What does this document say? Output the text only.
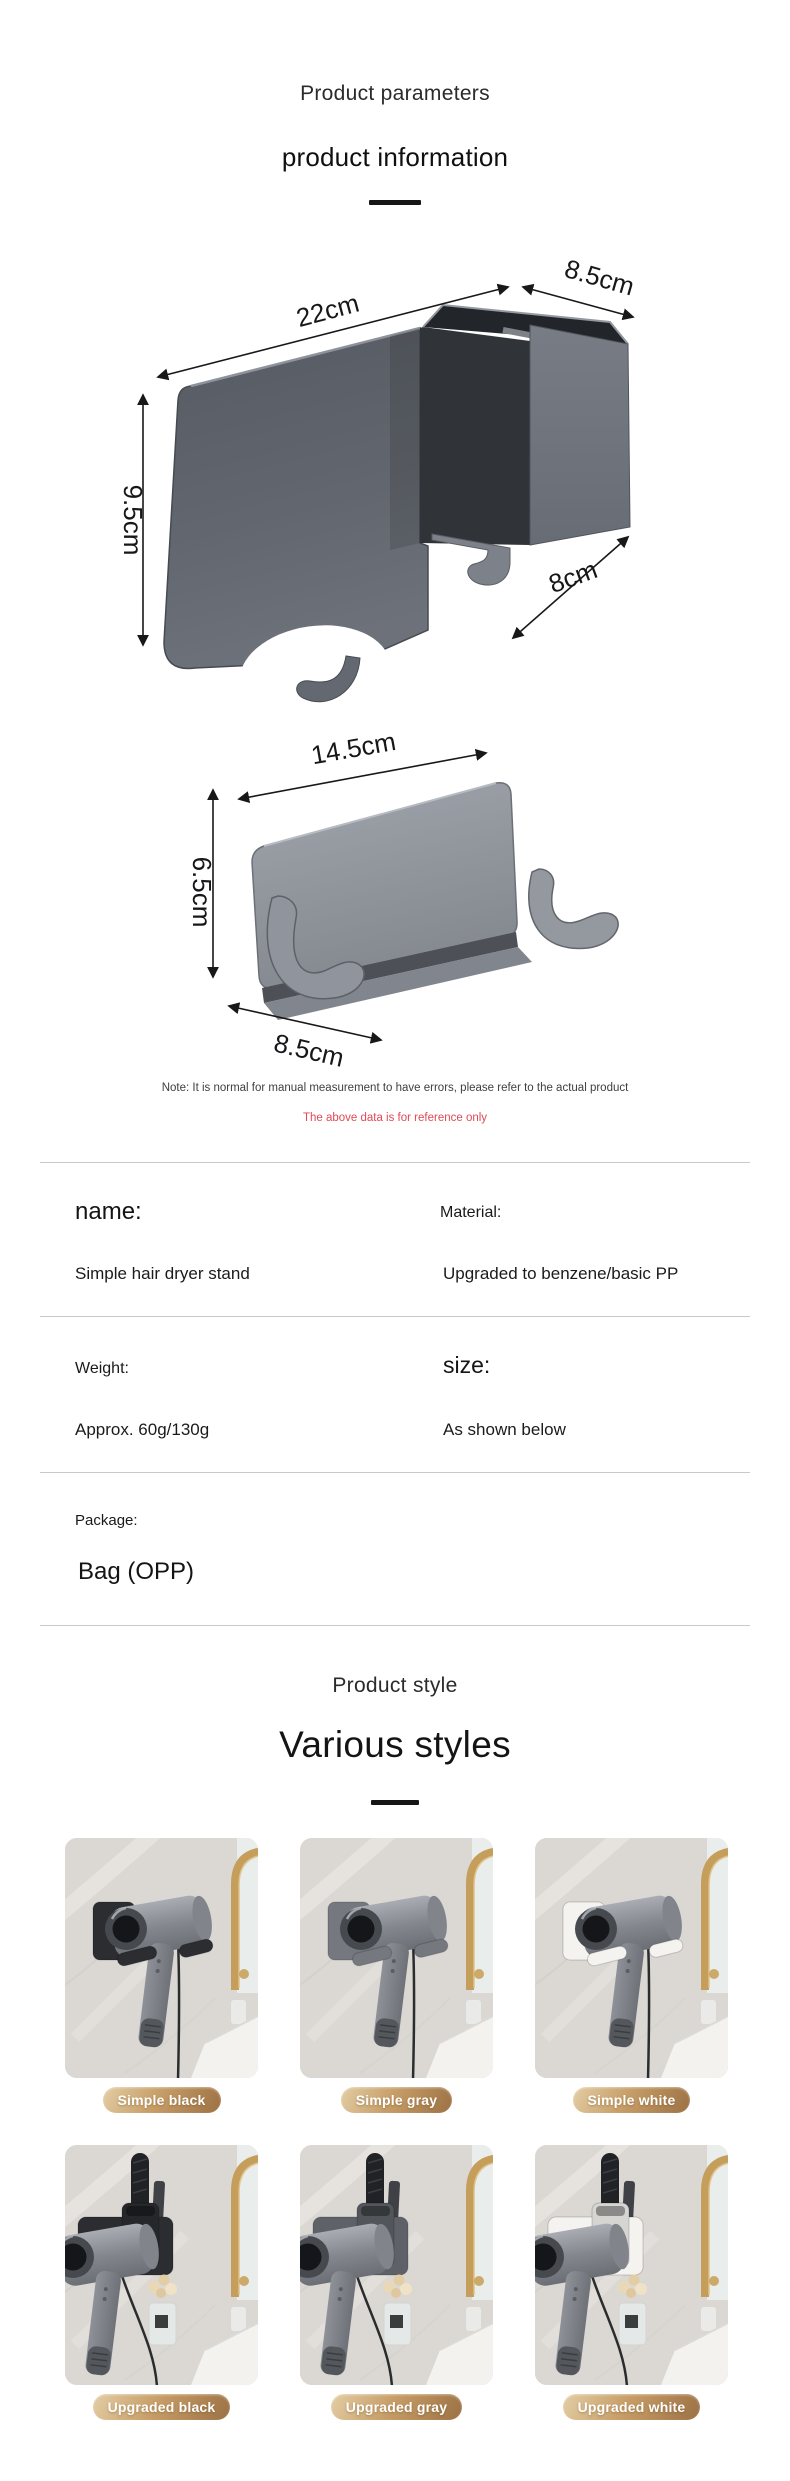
Product parameters
product information
22cm
8.5cm
9.5cm
8cm
14.5cm
6.5cm
8.5cm
Note: It is normal for manual measurement to have errors, please refer to the actual product
The above data is for reference only
name:
Simple hair dryer stand
Material:
Upgraded to benzene/basic PP
Weight:
Approx. 60g/130g
size:
As shown below
Package:
Bag (OPP)
Product style
Various styles
Simple black	Simple gray	Simple white
Upgraded black	Upgraded gray	Upgraded white
